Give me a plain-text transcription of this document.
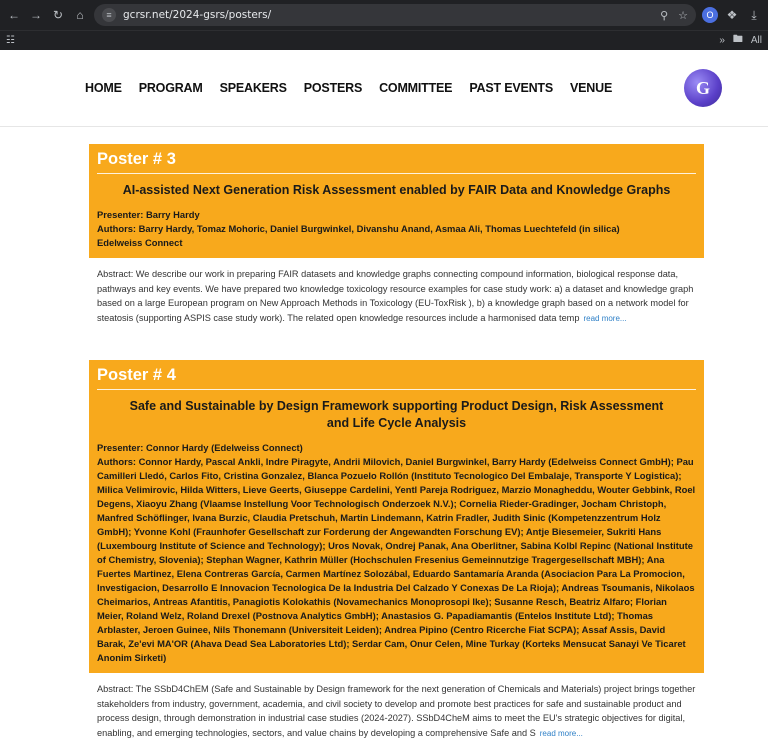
← → ↻	⌂	≡	gcrsr.net/2024-gsrs/posters/	⚲ ☆	O	❖	⤓
☷	» 🖿 All
HOME PROGRAM SPEAKERS POSTERS COMMITTEE PAST EVENTS VENUE	G
Poster # 3
AI-assisted Next Generation Risk Assessment enabled by FAIR Data and Knowledge Graphs
Presenter: Barry Hardy
Authors: Barry Hardy, Tomaz Mohoric, Daniel Burgwinkel, Divanshu Anand, Asmaa Ali, Thomas Luechtefeld (in silica)
Edelweiss Connect
Abstract: We describe our work in preparing FAIR datasets and knowledge graphs connecting compound information, biological response data, pathways and key events. We have prepared two knowledge toxicology resource examples for case study work: a) a dataset and knowledge graph based on a large European program on New Approach Methods in Toxicology (EU-ToxRisk ), b) a knowledge graph based on a network model for steatosis (supporting ASPIS case study work). The related open knowledge resources include a harmonised data temp read more...
Poster # 4
Safe and Sustainable by Design Framework supporting Product Design, Risk Assessment and Life Cycle Analysis
Presenter: Connor Hardy (Edelweiss Connect)
Authors: Connor Hardy, Pascal Ankli, Indre Piragyte, Andrii Milovich, Daniel Burgwinkel, Barry Hardy (Edelweiss Connect GmbH); Pau Camilleri Lledó, Carlos Fito, Cristina Gonzalez, Blanca Pozuelo Rollón (Instituto Tecnologico Del Embalaje, Transporte Y Logistica); Milica Velimirovic, Hilda Witters, Lieve Geerts, Giuseppe Cardelini, Yentl Pareja Rodriguez, Marzio Monagheddu, Wouter Gebbink, Roel Degens, Xiaoyu Zhang (Vlaamse Instellung Voor Technologisch Onderzoek N.V.); Cornelia Rieder-Gradinger, Jocham Christoph, Manfred Schöflinger, Ivana Burzic, Claudia Pretschuh, Martin Lindemann, Katrin Fradler, Judith Sinic (Kompetenzzentrum Holz GmbH); Yvonne Kohl (Fraunhofer Gesellschaft zur Forderung der Angewandten Forschung EV); Antje Biesemeier, Sukriti Hans (Luxembourg Institute of Science and Technology); Uros Novak, Ondrej Panak, Ana Oberlitner, Sabina Kolbl Repinc (National Institute of Chemistry, Slovenia); Stephan Wagner, Kathrin Müller (Hochschulen Fresenius Gemeinnutzige Tragergesellschaft MBH); Ana Fuertes Martinez, Elena Contreras García, Carmen Martínez Solozábal, Eduardo Santamaría Aranda (Asociacion Para La Promocion, Investigacion, Desarrollo E Innovacion Tecnologica De la Industria Del Calzado Y Conexas De La Rioja); Andreas Tsoumanis, Nikolaos Cheimarios, Antreas Afantitis, Panagiotis Kolokathis (Novamechanics Monoprosopi Ike); Susanne Resch, Beatriz Alfaro; Florian Meier, Roland Welz, Roland Drexel (Postnova Analytics GmbH); Anastasios G. Papadiamantis (Entelos Institute Ltd); Thomas Arblaster, Jeroen Guinee, Nils Thonemann (Universiteit Leiden); Andrea Pipino (Centro Ricerche Fiat SCPA); Assaf Assis, David Barak, Ze'evi MA'OR (Ahava Dead Sea Laboratories Ltd); Serdar Cam, Onur Celen, Mine Turkay (Korteks Mensucat Sanayi Ve Ticaret Anonim Sirketi)
Abstract: The SSbD4ChEM (Safe and Sustainable by Design framework for the next generation of Chemicals and Materials) project brings together stakeholders from industry, government, academia, and civil society to develop and promote best practices for safe and sustainable product and process design, through demonstration in industrial case studies (2024-2027). SSbD4CheM aims to meet the EU's strategic objectives for digital, enabling, and emerging technologies, sectors, and value chains by developing a comprehensive Safe and S read more...
